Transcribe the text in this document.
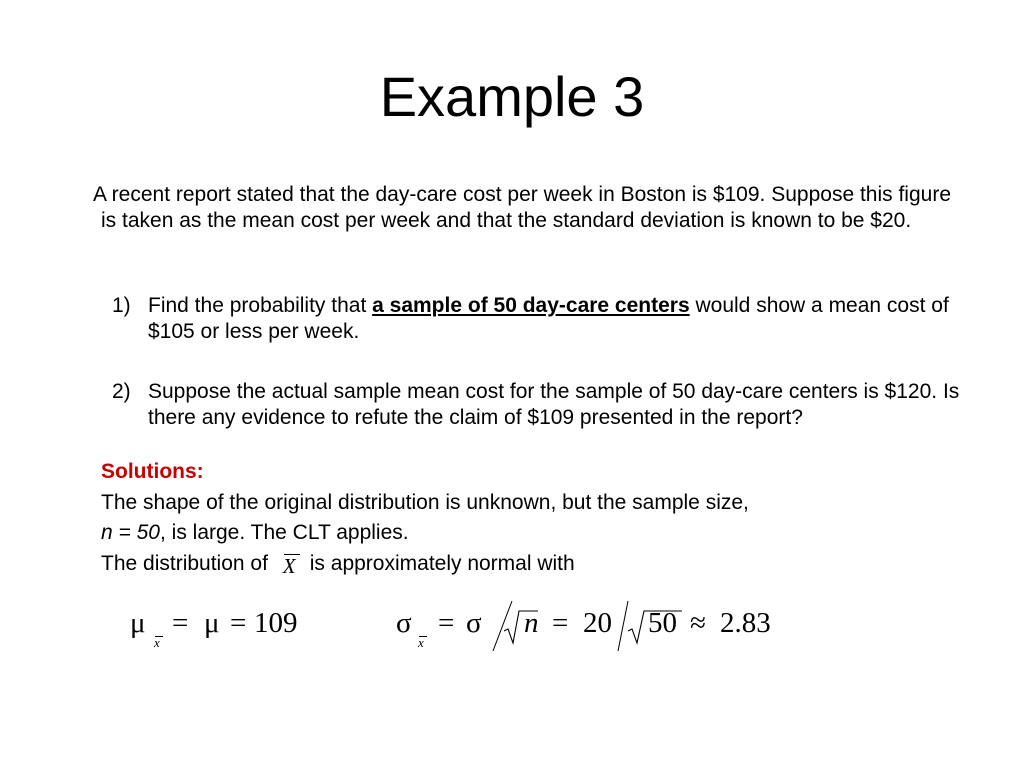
Example 3
A recent report stated that the day-care cost per week in Boston is $109. Suppose this figure is taken as the mean cost per week and that the standard deviation is known to be $20.
1) Find the probability that a sample of 50 day-care centers would show a mean cost of $105 or less per week.
2) Suppose the actual sample mean cost for the sample of 50 day-care centers is $120. Is there any evidence to refute the claim of $109 presented in the report?
Solutions:
The shape of the original distribution is unknown, but the sample size,
n = 50, is large. The CLT applies.
The distribution of X is approximately normal with
μ
x
= μ = 109	σ
x
= σ n = 20 50 ≈ 2.83
